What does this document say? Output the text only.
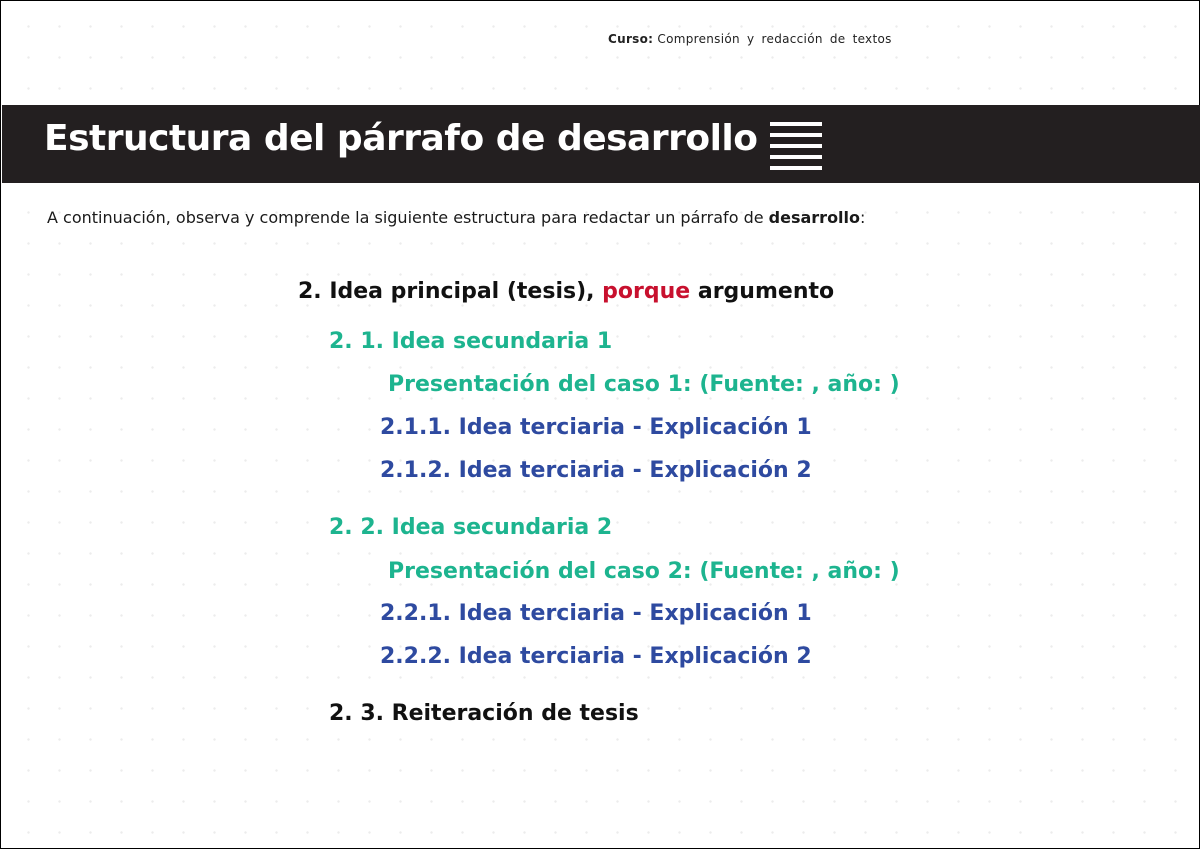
Curso: Comprensión y redacción de textos
Estructura del párrafo de desarrollo
A continuación, observa y comprende la siguiente estructura para redactar un párrafo de desarrollo:
2. Idea principal (tesis), porque argumento
2. 1. Idea secundaria 1
Presentación del caso 1: (Fuente: , año: )
2.1.1. Idea terciaria - Explicación 1
2.1.2. Idea terciaria - Explicación 2
2. 2. Idea secundaria 2
Presentación del caso 2: (Fuente: , año: )
2.2.1. Idea terciaria - Explicación 1
2.2.2. Idea terciaria - Explicación 2
2. 3. Reiteración de tesis
